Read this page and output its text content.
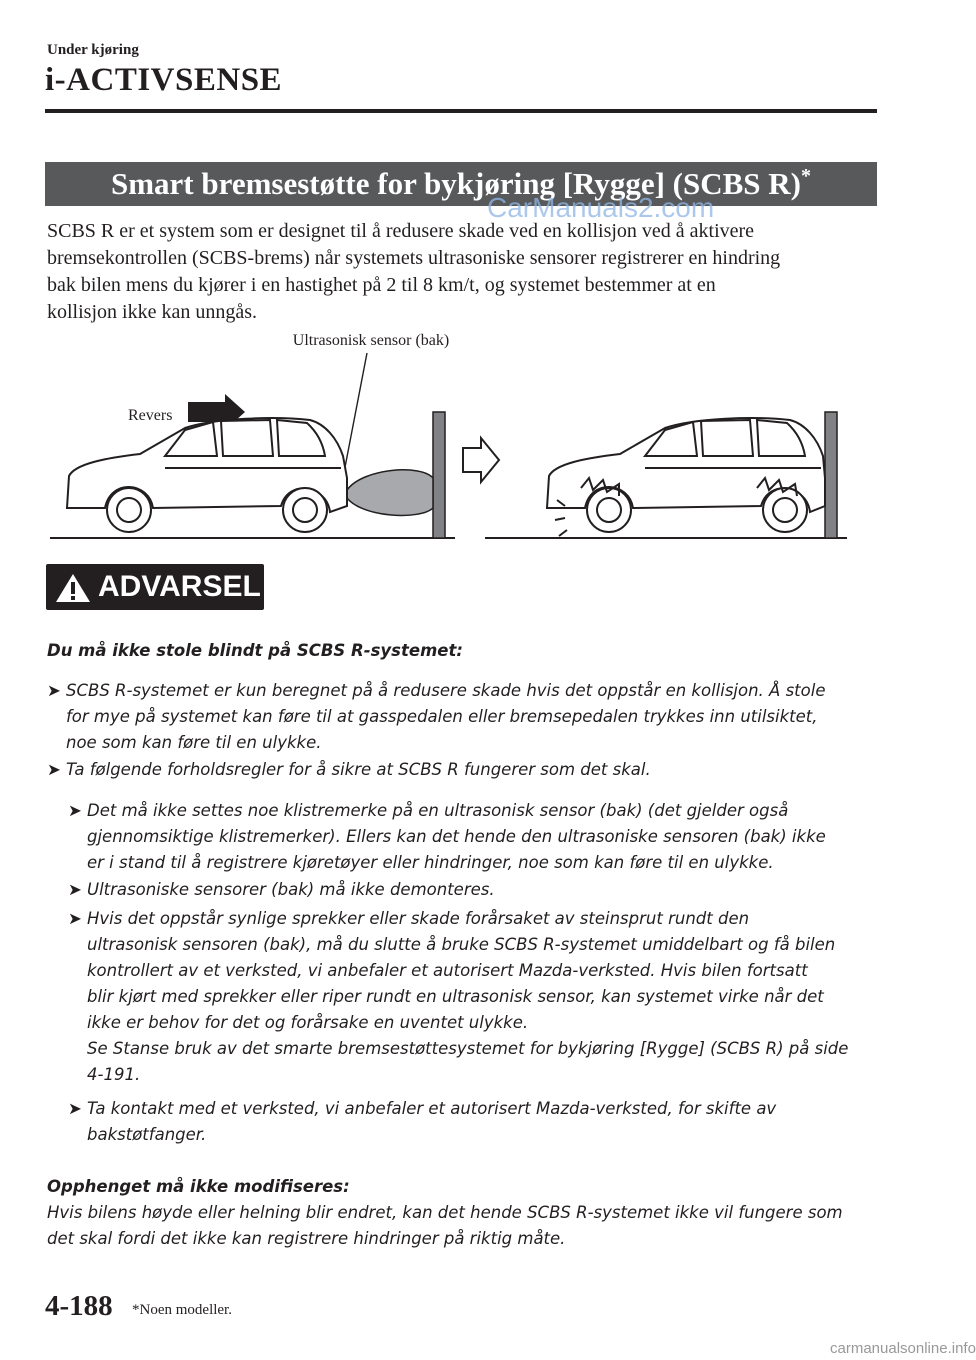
Under kjøring
i-ACTIVSENSE
Smart bremsestøtte for bykjøring [Rygge] (SCBS R)*
CarManuals2.com

SCBS R er et system som er designet til å redusere skade ved en kollisjon ved å aktivere

bremsekontrollen (SCBS-brems) når systemets ultrasoniske sensorer registrerer en hindring

bak bilen mens du kjører i en hastighet på 2 til 8 km/t, og systemet bestemmer at en

kollisjon ikke kan unngås.

Ultrasonisk sensor (bak)
Revers
ADVARSEL
Du må ikke stole blindt på SCBS R-systemet:
➤ SCBS R-systemet er kun beregnet på å redusere skade hvis det oppstår en kollisjon. Å stole
for mye på systemet kan føre til at gasspedalen eller bremsepedalen trykkes inn utilsiktet,
noe som kan føre til en ulykke.
➤ Ta følgende forholdsregler for å sikre at SCBS R fungerer som det skal.
➤ Det må ikke settes noe klistremerke på en ultrasonisk sensor (bak) (det gjelder også
gjennomsiktige klistremerker). Ellers kan det hende den ultrasoniske sensoren (bak) ikke
er i stand til å registrere kjøretøyer eller hindringer, noe som kan føre til en ulykke.
➤ Ultrasoniske sensorer (bak) må ikke demonteres.
➤ Hvis det oppstår synlige sprekker eller skade forårsaket av steinsprut rundt den
ultrasonisk sensoren (bak), må du slutte å bruke SCBS R-systemet umiddelbart og få bilen
kontrollert av et verksted, vi anbefaler et autorisert Mazda-verksted. Hvis bilen fortsatt
blir kjørt med sprekker eller riper rundt en ultrasonisk sensor, kan systemet virke når det
ikke er behov for det og forårsake en uventet ulykke.
Se Stanse bruk av det smarte bremsestøttesystemet for bykjøring [Rygge] (SCBS R) på side
4-191.
➤ Ta kontakt med et verksted, vi anbefaler et autorisert Mazda-verksted, for skifte av
bakstøtfanger.
Opphenget må ikke modifiseres:
Hvis bilens høyde eller helning blir endret, kan det hende SCBS R-systemet ikke vil fungere som
det skal fordi det ikke kan registrere hindringer på riktig måte.
4-188 *Noen modeller.
carmanualsonline.info
